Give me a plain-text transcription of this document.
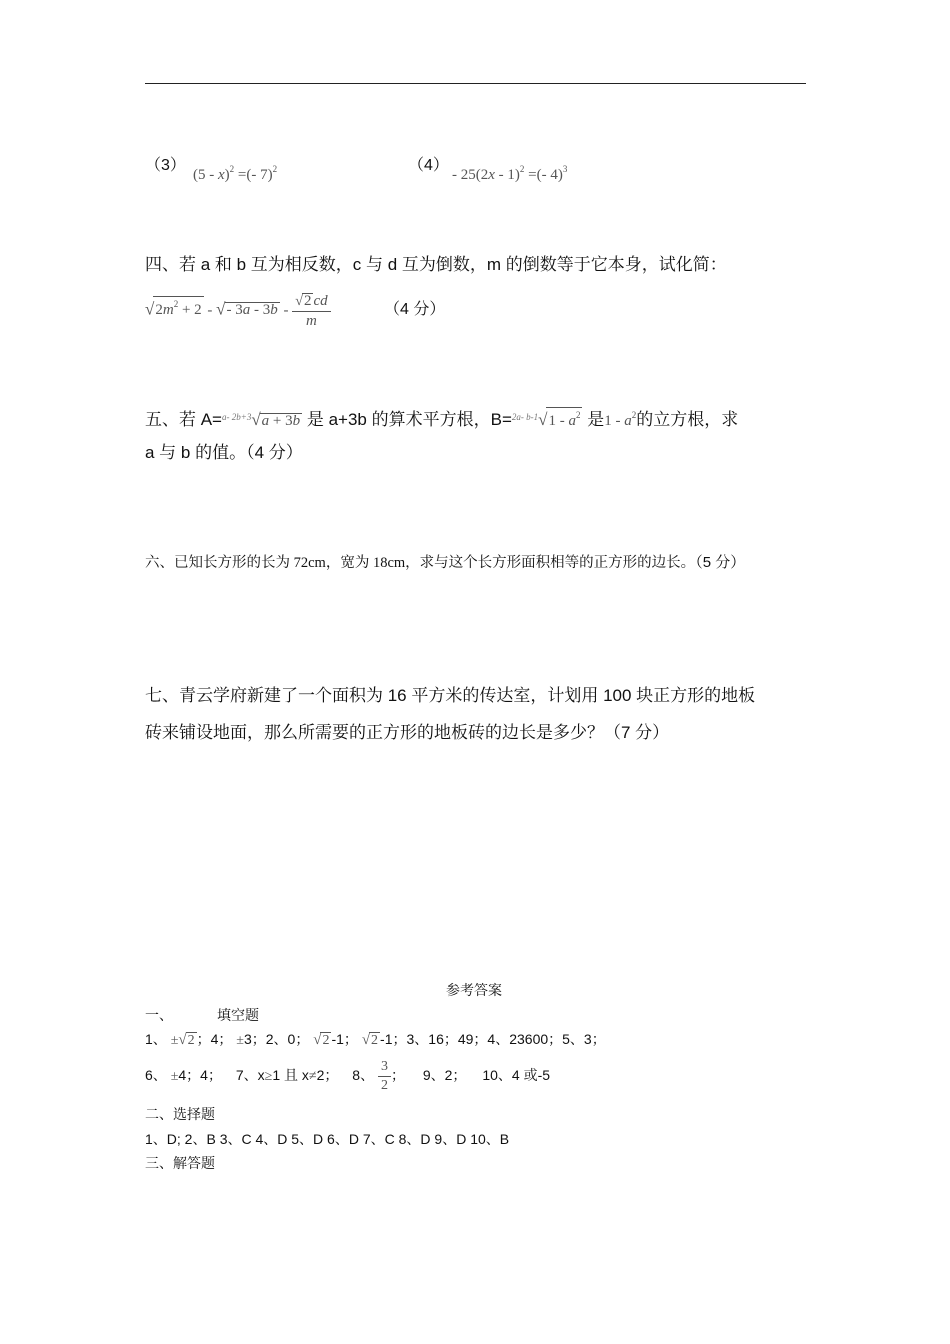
（3）
(5 - x)$^2$ =(- 7)$^2$	（4）
- 25(2x - 1)$^2$ =(- 4)$^3$
四、若 a 和 b 互为相反数，c 与 d 互为倒数，m 的倒数等于它本身，试化简：
$√2m^2 + 2$ - √- $3a - 3b - \frac{√2 cd}{m}$	（4 分）
五、若 A=$^{a- 2b+3}$√a + 3b 是 a+3b 的算术平方根，$B=^{2a- b-1}√1 - a^2$ 是$1 - a^2$的立方根，求
a 与 b 的值。（4 分）
六、已知长方形的长为 72cm，宽为 18cm，求与这个长方形面积相等的正方形的边长。（5 分）
七、青云学府新建了一个面积为 16 平方米的传达室，计划用 100 块正方形的地板
砖来铺设地面，那么所需要的正方形的地板砖的边长是多少？（7 分）
参考答案
一、	填空题
1、 ±√2 ；4； ±3；2、0； √2 -1； √2 -1；3、16；49；4、23600；5、3；
6、 ±4；4； 7、x≥1 且 x≠2； 8、 $\frac{3}{2}$ ； 9、2； 10、4 或-5
二、选择题
1、D; 2、B 3、C 4、D 5、D 6、D 7、C 8、D 9、D 10、B
三、解答题
